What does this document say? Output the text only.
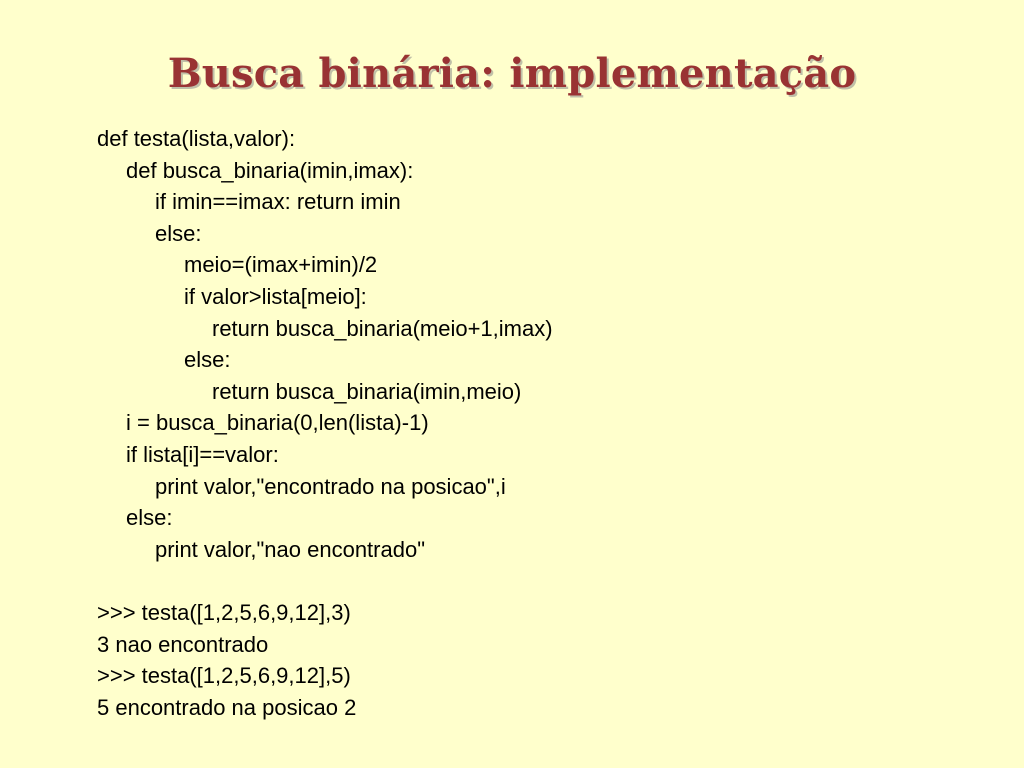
Busca binária: implementação
def testa(lista,valor):
def busca_binaria(imin,imax):
if imin==imax: return imin
else:
meio=(imax+imin)/2
if valor>lista[meio]:
return busca_binaria(meio+1,imax)
else:
return busca_binaria(imin,meio)
i = busca_binaria(0,len(lista)-1)
if lista[i]==valor:
print valor,"encontrado na posicao",i
else:
print valor,"nao encontrado"
>>> testa([1,2,5,6,9,12],3)
3 nao encontrado
>>> testa([1,2,5,6,9,12],5)
5 encontrado na posicao 2
